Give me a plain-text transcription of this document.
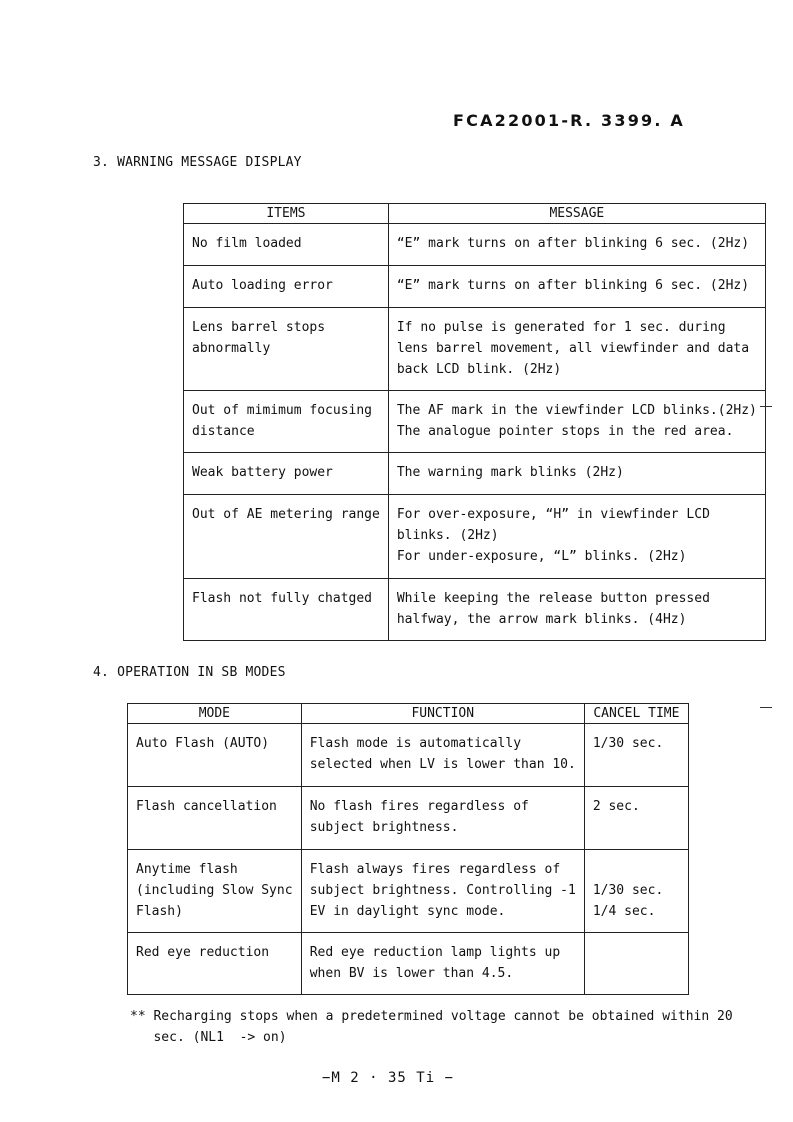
FCA22001-R. 3399. A
3. WARNING MESSAGE DISPLAY
ITEMS	MESSAGE

No film loaded	“E” mark turns on after blinking 6 sec. (2Hz)

Auto loading error	“E” mark turns on after blinking 6 sec. (2Hz)

Lens barrel stops
abnormally	If no pulse is generated for 1 sec. during
lens barrel movement, all viewfinder and data
back LCD blink. (2Hz)

Out of mimimum focusing
distance	The AF mark in the viewfinder LCD blinks.(2Hz)
The analogue pointer stops in the red area.

Weak battery power	The warning mark blinks (2Hz)

Out of AE metering range	For over-exposure, “H” in viewfinder LCD
blinks. (2Hz)
For under-exposure, “L” blinks. (2Hz)

Flash not fully chatged	While keeping the release button pressed
halfway, the arrow mark blinks. (4Hz)
4. OPERATION IN SB MODES
MODE	FUNCTION	CANCEL TIME

Auto Flash (AUTO)	Flash mode is automatically
selected when LV is lower than 10.	1/30 sec.

Flash cancellation	No flash fires regardless of
subject brightness.	2 sec.

Anytime flash
(including Slow Sync
Flash)	Flash always fires regardless of
subject brightness. Controlling -1
EV in daylight sync mode.	1/30 sec.
1/4 sec.

Red eye reduction	Red eye reduction lamp lights up
when BV is lower than 4.5.	

** Recharging stops when a predetermined voltage cannot be obtained within 20
sec. (NL1  -> on)
−M 2 · 35 Ti −
